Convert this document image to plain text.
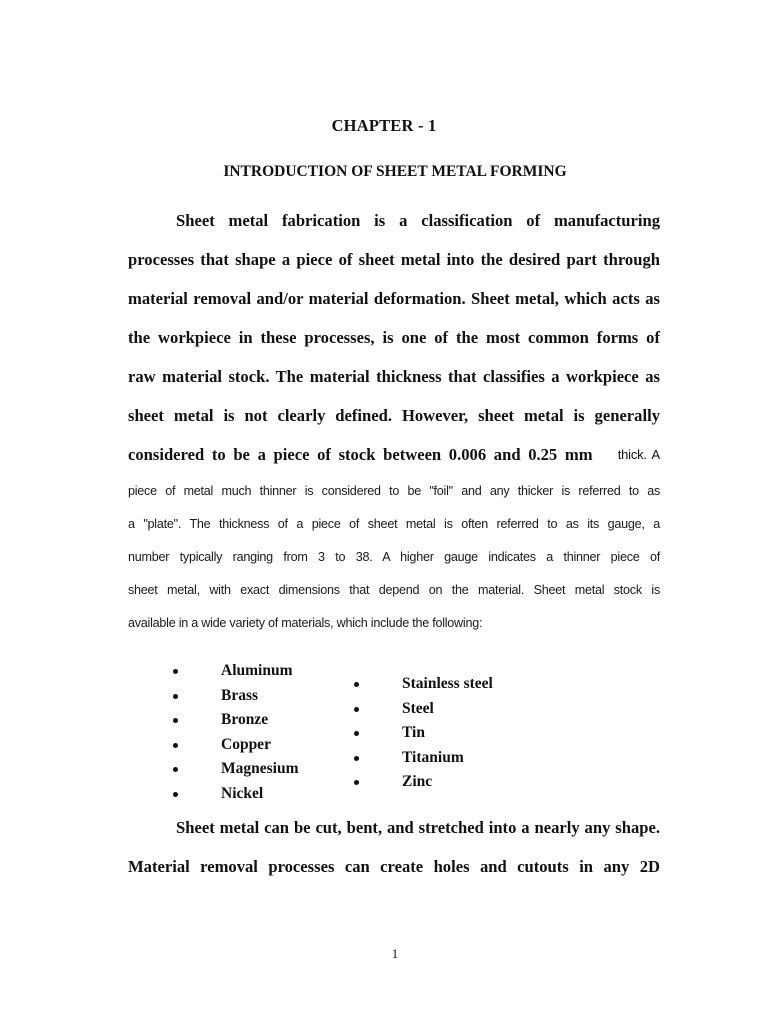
CHAPTER - 1
INTRODUCTION OF SHEET METAL FORMING
Sheet metal fabrication is a classification of manufacturing
processes that shape a piece of sheet metal into the desired part through
material removal and/or material deformation. Sheet metal, which acts as
the workpiece in these processes, is one of the most common forms of
raw material stock. The material thickness that classifies a workpiece as
sheet metal is not clearly defined. However, sheet metal is generally
considered to be a piece of stock between 0.006 and 0.25 mm thick. A
piece of metal much thinner is considered to be "foil" and any thicker is referred to as
a "plate". The thickness of a piece of sheet metal is often referred to as its gauge, a
number typically ranging from 3 to 38. A higher gauge indicates a thinner piece of
sheet metal, with exact dimensions that depend on the material. Sheet metal stock is
available in a wide variety of materials, which include the following:
Aluminum
Brass
Bronze
Copper
Magnesium
Nickel
Stainless steel
Steel
Tin
Titanium
Zinc
Sheet metal can be cut, bent, and stretched into a nearly any shape.
Material removal processes can create holes and cutouts in any 2D
1
